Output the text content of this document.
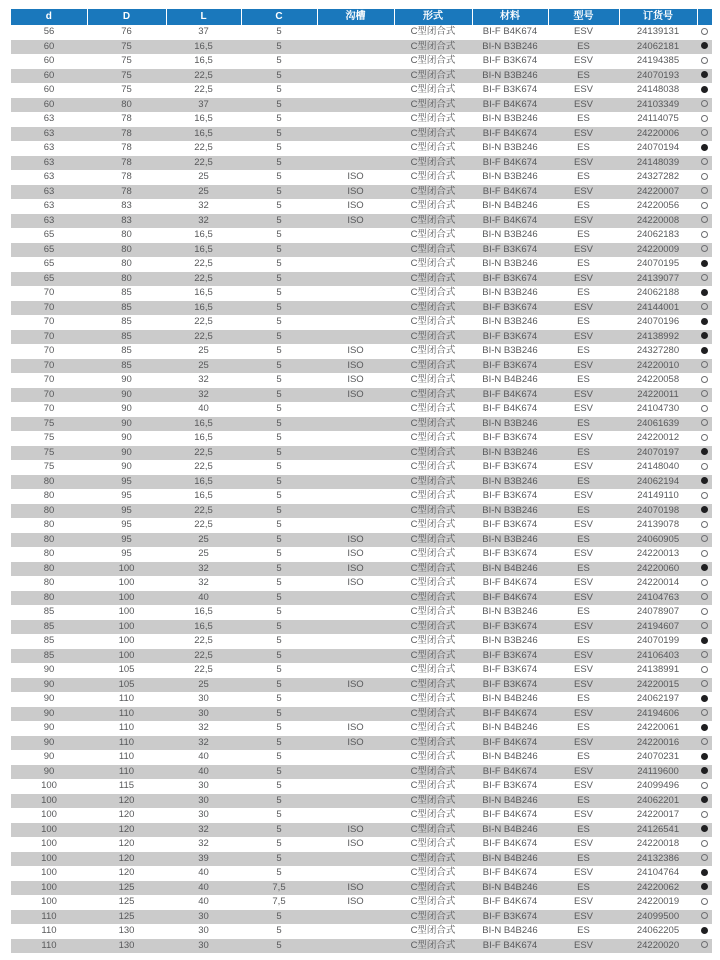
d	D	L	C	沟槽	形式	材料	型号	订货号	
56	76	37	5		C型闭合式	BI-F B4K674	ESV	24139131	
60	75	16,5	5		C型闭合式	BI-N B3B246	ES	24062181	
60	75	16,5	5		C型闭合式	BI-F B3K674	ESV	24194385	
60	75	22,5	5		C型闭合式	BI-N B3B246	ES	24070193	
60	75	22,5	5		C型闭合式	BI-F B3K674	ESV	24148038	
60	80	37	5		C型闭合式	BI-F B4K674	ESV	24103349	
63	78	16,5	5		C型闭合式	BI-N B3B246	ES	24114075	
63	78	16,5	5		C型闭合式	BI-F B4K674	ESV	24220006	
63	78	22,5	5		C型闭合式	BI-N B3B246	ES	24070194	
63	78	22,5	5		C型闭合式	BI-F B4K674	ESV	24148039	
63	78	25	5	ISO	C型闭合式	BI-N B3B246	ES	24327282	
63	78	25	5	ISO	C型闭合式	BI-F B4K674	ESV	24220007	
63	83	32	5	ISO	C型闭合式	BI-N B4B246	ES	24220056	
63	83	32	5	ISO	C型闭合式	BI-F B4K674	ESV	24220008	
65	80	16,5	5		C型闭合式	BI-N B3B246	ES	24062183	
65	80	16,5	5		C型闭合式	BI-F B3K674	ESV	24220009	
65	80	22,5	5		C型闭合式	BI-N B3B246	ES	24070195	
65	80	22,5	5		C型闭合式	BI-F B3K674	ESV	24139077	
70	85	16,5	5		C型闭合式	BI-N B3B246	ES	24062188	
70	85	16,5	5		C型闭合式	BI-F B3K674	ESV	24144001	
70	85	22,5	5		C型闭合式	BI-N B3B246	ES	24070196	
70	85	22,5	5		C型闭合式	BI-F B3K674	ESV	24138992	
70	85	25	5	ISO	C型闭合式	BI-N B3B246	ES	24327280	
70	85	25	5	ISO	C型闭合式	BI-F B3K674	ESV	24220010	
70	90	32	5	ISO	C型闭合式	BI-N B4B246	ES	24220058	
70	90	32	5	ISO	C型闭合式	BI-F B4K674	ESV	24220011	
70	90	40	5		C型闭合式	BI-F B4K674	ESV	24104730	
75	90	16,5	5		C型闭合式	BI-N B3B246	ES	24061639	
75	90	16,5	5		C型闭合式	BI-F B3K674	ESV	24220012	
75	90	22,5	5		C型闭合式	BI-N B3B246	ES	24070197	
75	90	22,5	5		C型闭合式	BI-F B3K674	ESV	24148040	
80	95	16,5	5		C型闭合式	BI-N B3B246	ES	24062194	
80	95	16,5	5		C型闭合式	BI-F B3K674	ESV	24149110	
80	95	22,5	5		C型闭合式	BI-N B3B246	ES	24070198	
80	95	22,5	5		C型闭合式	BI-F B3K674	ESV	24139078	
80	95	25	5	ISO	C型闭合式	BI-N B3B246	ES	24060905	
80	95	25	5	ISO	C型闭合式	BI-F B3K674	ESV	24220013	
80	100	32	5	ISO	C型闭合式	BI-N B4B246	ES	24220060	
80	100	32	5	ISO	C型闭合式	BI-F B4K674	ESV	24220014	
80	100	40	5		C型闭合式	BI-F B4K674	ESV	24104763	
85	100	16,5	5		C型闭合式	BI-N B3B246	ES	24078907	
85	100	16,5	5		C型闭合式	BI-F B3K674	ESV	24194607	
85	100	22,5	5		C型闭合式	BI-N B3B246	ES	24070199	
85	100	22,5	5		C型闭合式	BI-F B3K674	ESV	24106403	
90	105	22,5	5		C型闭合式	BI-F B3K674	ESV	24138991	
90	105	25	5	ISO	C型闭合式	BI-F B3K674	ESV	24220015	
90	110	30	5		C型闭合式	BI-N B4B246	ES	24062197	
90	110	30	5		C型闭合式	BI-F B4K674	ESV	24194606	
90	110	32	5	ISO	C型闭合式	BI-N B4B246	ES	24220061	
90	110	32	5	ISO	C型闭合式	BI-F B4K674	ESV	24220016	
90	110	40	5		C型闭合式	BI-N B4B246	ES	24070231	
90	110	40	5		C型闭合式	BI-F B4K674	ESV	24119600	
100	115	30	5		C型闭合式	BI-F B3K674	ESV	24099496	
100	120	30	5		C型闭合式	BI-N B4B246	ES	24062201	
100	120	30	5		C型闭合式	BI-F B4K674	ESV	24220017	
100	120	32	5	ISO	C型闭合式	BI-N B4B246	ES	24126541	
100	120	32	5	ISO	C型闭合式	BI-F B4K674	ESV	24220018	
100	120	39	5		C型闭合式	BI-N B4B246	ES	24132386	
100	120	40	5		C型闭合式	BI-F B4K674	ESV	24104764	
100	125	40	7,5	ISO	C型闭合式	BI-N B4B246	ES	24220062	
100	125	40	7,5	ISO	C型闭合式	BI-F B4K674	ESV	24220019	
110	125	30	5		C型闭合式	BI-F B3K674	ESV	24099500	
110	130	30	5		C型闭合式	BI-N B4B246	ES	24062205	
110	130	30	5		C型闭合式	BI-F B4K674	ESV	24220020	
